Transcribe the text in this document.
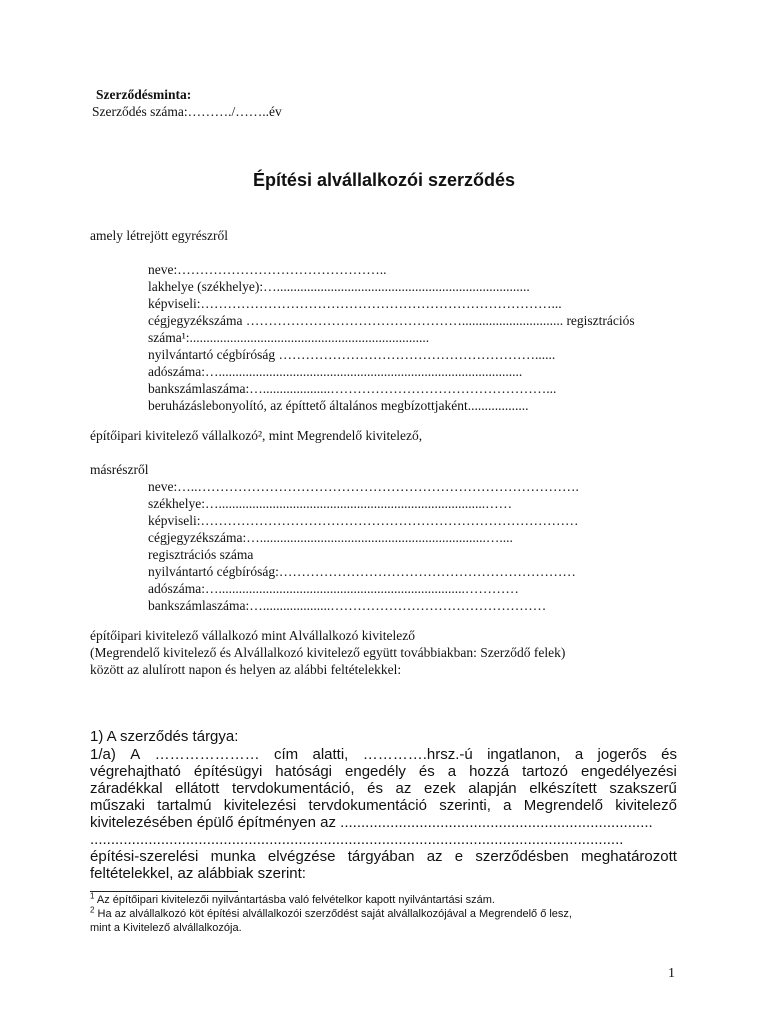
Szerződésminta:
Szerződés száma:………./……..év
Építési alvállalkozói szerződés
amely létrejött egyrészről
neve:………………………………………..
lakhelye (székhelye):…...........................................................................
képviseli:……………………………………………………………………...
cégjegyzékszáma ………………………………………….............................. regisztrációs
száma¹:.......................................................................
nyilvántartó cégbíróság …………………………………………………......
adószáma:…..........................................................................................
bankszámlaszáma:…....................…………………………………………...
beruházáslebonyolító, az építtető általános megbízottjaként..................
építőipari kivitelező vállalkozó², mint Megrendelő kivitelező,
másrészről
neve:…..………………………………………………………………………….
székhelye:…...............................................................................……
képviseli:…………………………………………………………………………
cégjegyzékszáma:…...................................................................…....
regisztrációs száma
nyilvántartó cégbíróság:…………………………………………………………
adószáma:….........................................................................…………
bankszámlaszáma:…....................…………………………………………
építőipari kivitelező vállalkozó mint Alvállalkozó kivitelező
(Megrendelő kivitelező és Alvállalkozó kivitelező együtt továbbiakban: Szerződő felek)
között az alulírott napon és helyen az alábbi feltételekkel:
1) A szerződés tárgya:
1/a) A ………………… cím alatti, ………….hrsz.-ú ingatlanon, a jogerős és
végrehajtható építésügyi hatósági engedély és a hozzá tartozó engedélyezési
záradékkal ellátott tervdokumentáció, és az ezek alapján elkészített szakszerű
műszaki tartalmú kivitelezési tervdokumentáció szerinti, a Megrendelő kivitelező
kivitelezésében épülő építményen az ...........................................................................
................................................................................................................................
építési-szerelési munka elvégzése tárgyában az e szerződésben meghatározott
feltételekkel, az alábbiak szerint:
$^1$ Az építőipari kivitelezői nyilvántartásba való felvételkor kapott nyilvántartási szám.
$^2$ Ha az alvállalkozó köt építési alvállalkozói szerződést saját alvállalkozójával a Megrendelő ő lesz,
mint a Kivitelező alvállalkozója.
1
